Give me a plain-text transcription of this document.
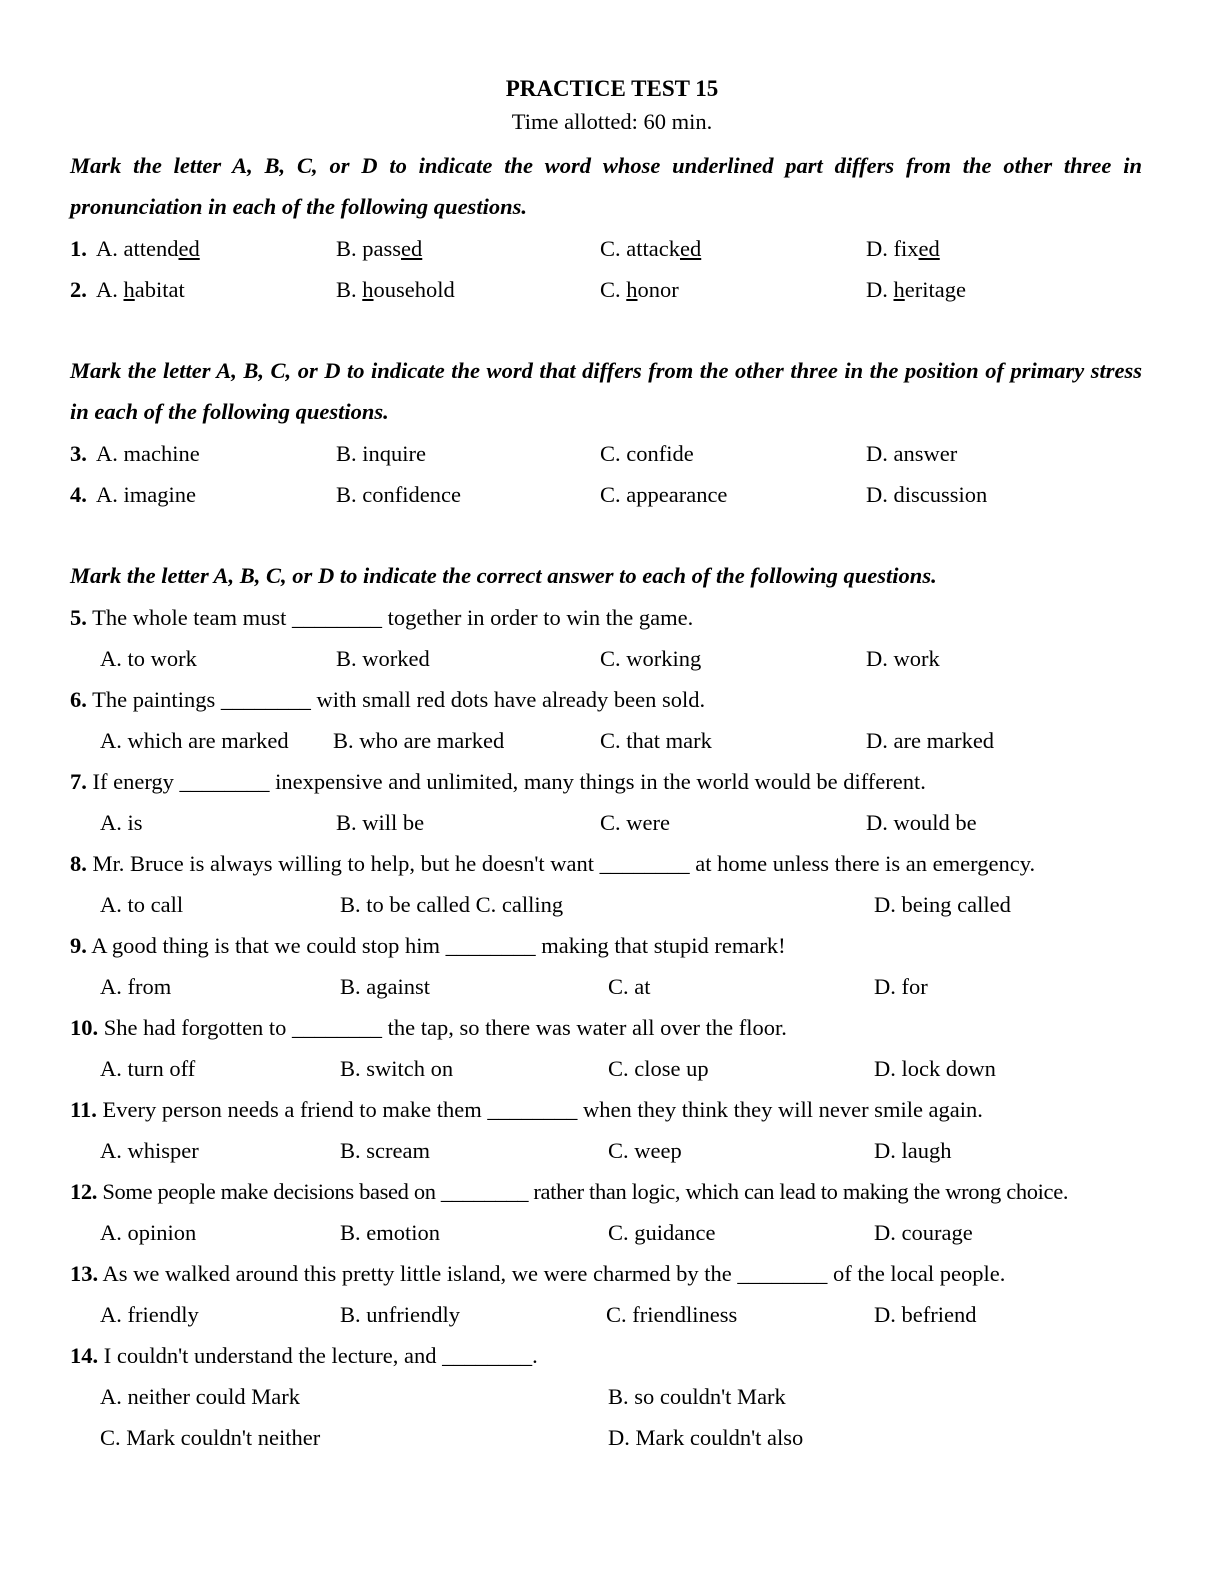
PRACTICE TEST 15
Time allotted: 60 min.
Mark the letter A, B, C, or D to indicate the word whose underlined part differs from the other three in pronunciation in each of the following questions.
1. A. attended	B. passed	C. attacked	D. fixed
2. A. habitat	B. household	C. honor	D. heritage
Mark the letter A, B, C, or D to indicate the word that differs from the other three in the position of primary stress in each of the following questions.
3. A. machine	B. inquire	C. confide	D. answer
4. A. imagine	B. confidence	C. appearance	D. discussion
Mark the letter A, B, C, or D to indicate the correct answer to each of the following questions.
5. The whole team must ________ together in order to win the game.
A. to work	B. worked	C. working	D. work
6. The paintings ________ with small red dots have already been sold.
A. which are marked B. who are marked	C. that mark	D. are marked
7. If energy ________ inexpensive and unlimited, many things in the world would be different.
A. is	B. will be	C. were	D. would be
8. Mr. Bruce is always willing to help, but he doesn't want ________ at home unless there is an emergency.
A. to call	B. to be called C. calling	D. being called
9. A good thing is that we could stop him ________ making that stupid remark!
A. from	B. against	C. at	D. for
10. She had forgotten to ________ the tap, so there was water all over the floor.
A. turn off	B. switch on	C. close up	D. lock down
11. Every person needs a friend to make them ________ when they think they will never smile again.
A. whisper	B. scream	C. weep	D. laugh
12. Some people make decisions based on ________ rather than logic, which can lead to making the wrong choice.
A. opinion	B. emotion	C. guidance	D. courage
13. As we walked around this pretty little island, we were charmed by the ________ of the local people.
A. friendly	B. unfriendly	C. friendliness	D. befriend
14. I couldn't understand the lecture, and ________.
A. neither could Mark	B. so couldn't Mark
C. Mark couldn't neither	D. Mark couldn't also
